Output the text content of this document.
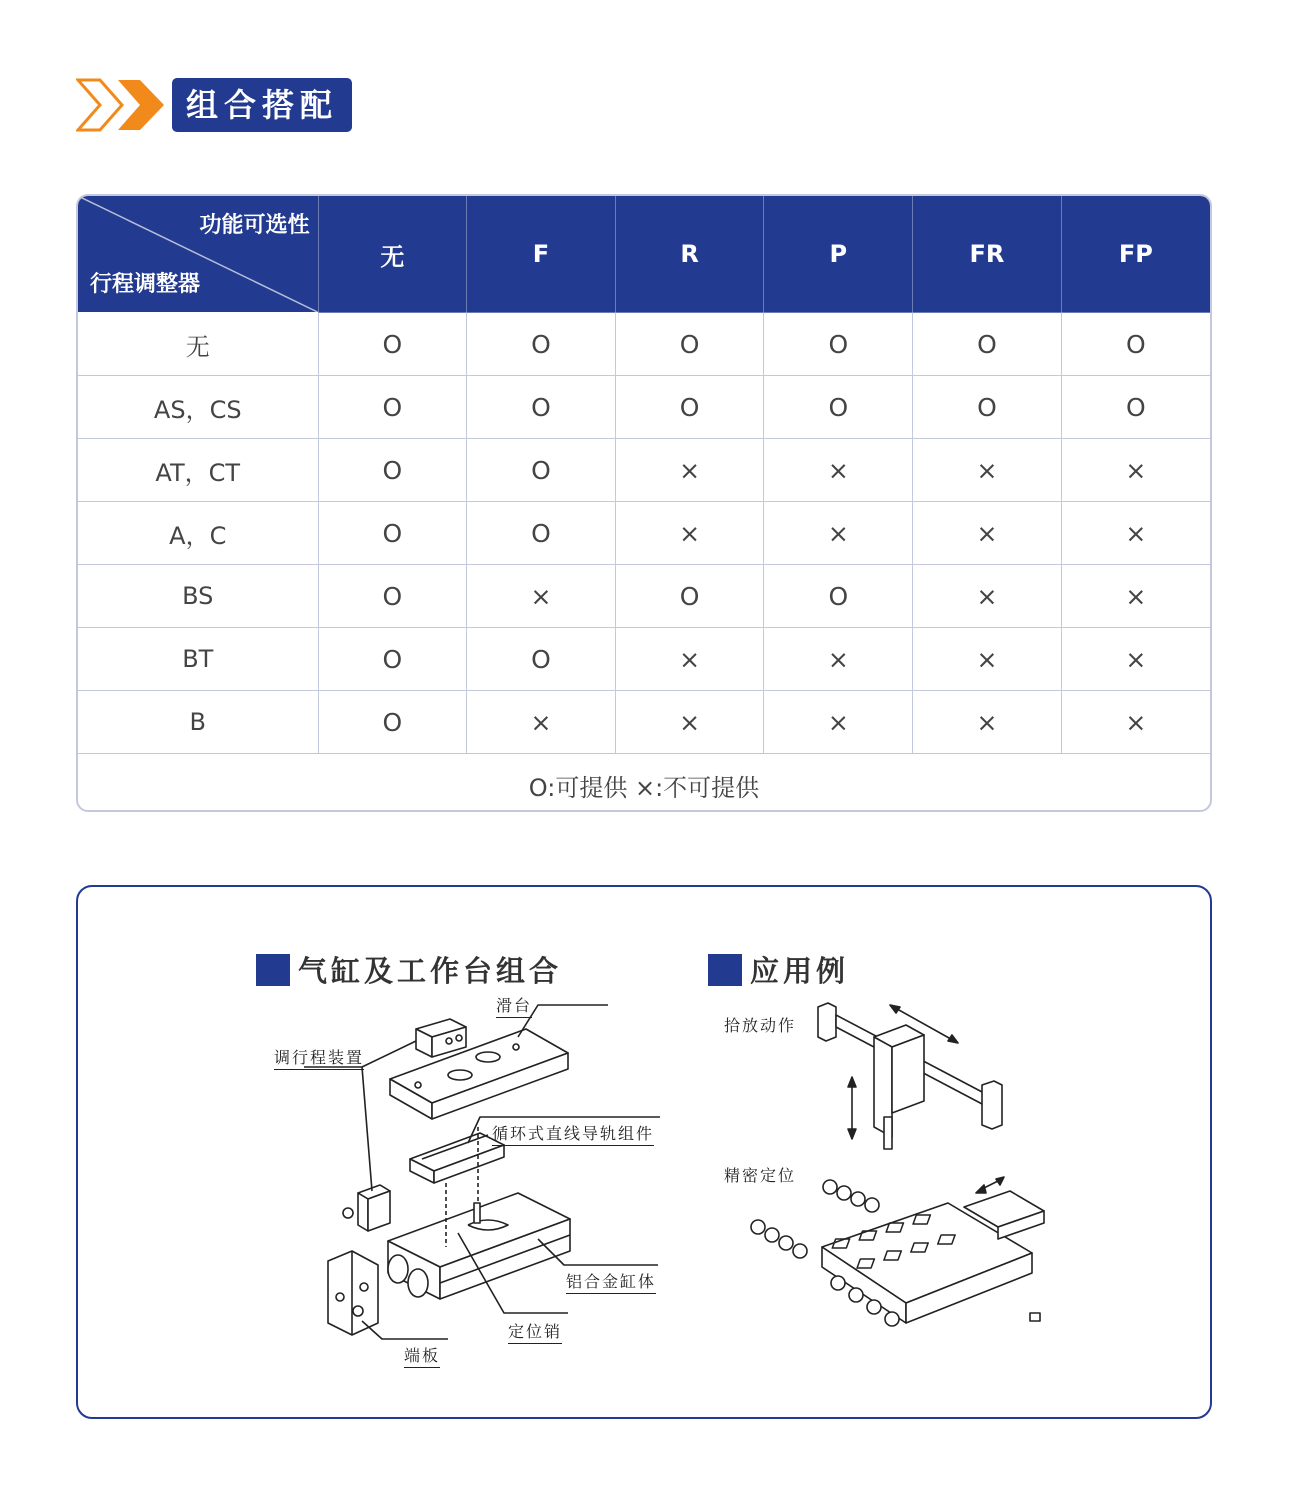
组合搭配
功能可选性
行程调整器	无	F	R	P	FR	FP
无	O	O	O	O	O	O
AS，CS	O	O	O	O	O	O
AT，CT	O	O	×	×	×	×
A，C	O	O	×	×	×	×
BS	O	×	O	O	×	×
BT	O	O	×	×	×	×
B	O	×	×	×	×	×
O:可提供 ×:不可提供						
气缸及工作台组合	应用例
滑台
调行程装置
循环式直线导轨组件
铝合金缸体
定位销
端板
拾放动作
精密定位
